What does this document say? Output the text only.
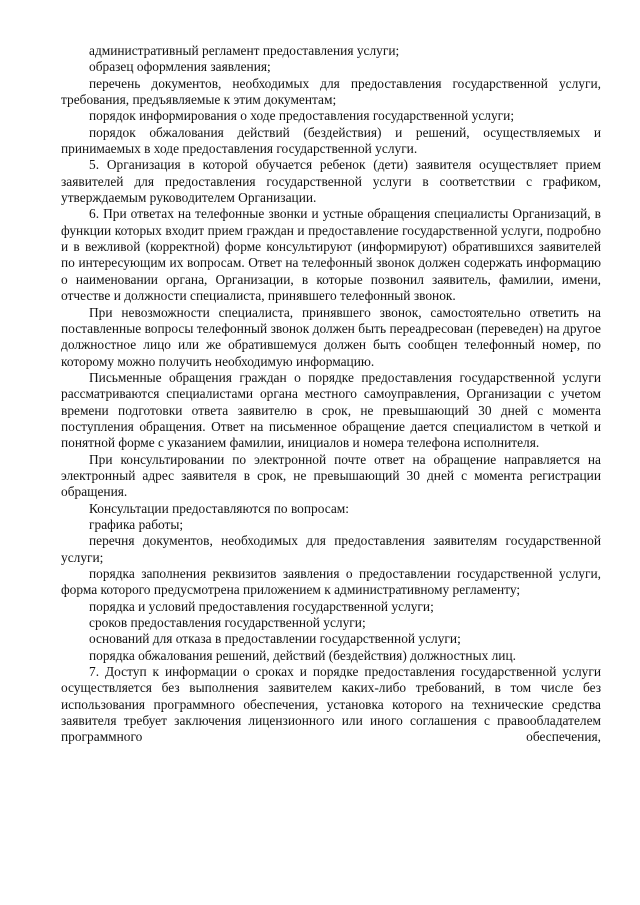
административный регламент предоставления услуги;

образец оформления заявления;

перечень документов, необходимых для предоставления государственной услуги, требования, предъявляемые к этим документам;

порядок информирования о ходе предоставления государственной услуги;

порядок обжалования действий (бездействия) и решений, осуществляемых и принимаемых в ходе предоставления государственной услуги.

5. Организация в которой обучается ребенок (дети) заявителя осуществляет прием заявителей для предоставления государственной услуги в соответствии с графиком, утверждаемым руководителем Организации.

6. При ответах на телефонные звонки и устные обращения специалисты Организаций, в функции которых входит прием граждан и предоставление государственной услуги, подробно и в вежливой (корректной) форме консультируют (информируют) обратившихся заявителей по интересующим их вопросам. Ответ на телефонный звонок должен содержать информацию о наименовании органа, Организации, в которые позвонил заявитель, фамилии, имени, отчестве и должности специалиста, принявшего телефонный звонок.

При невозможности специалиста, принявшего звонок, самостоятельно ответить на поставленные вопросы телефонный звонок должен быть переадресован (переведен) на другое должностное лицо или же обратившемуся должен быть сообщен телефонный номер, по которому можно получить необходимую информацию.

Письменные обращения граждан о порядке предоставления государственной услуги рассматриваются специалистами органа местного самоуправления, Организации с учетом времени подготовки ответа заявителю в срок, не превышающий 30 дней с момента поступления обращения. Ответ на письменное обращение дается специалистом в четкой и понятной форме с указанием фамилии, инициалов и номера телефона исполнителя.

При консультировании по электронной почте ответ на обращение направляется на электронный адрес заявителя в срок, не превышающий 30 дней с момента регистрации обращения.

Консультации предоставляются по вопросам:

графика работы;

перечня документов, необходимых для предоставления заявителям государственной услуги;

порядка заполнения реквизитов заявления о предоставлении государственной услуги, форма которого предусмотрена приложением к административному регламенту;

порядка и условий предоставления государственной услуги;

сроков предоставления государственной услуги;

оснований для отказа в предоставлении государственной услуги;

порядка обжалования решений, действий (бездействия) должностных лиц.

7. Доступ к информации о сроках и порядке предоставления государственной услуги осуществляется без выполнения заявителем каких-либо требований, в том числе без использования программного обеспечения, установка которого на технические средства заявителя требует заключения лицензионного или иного соглашения с правообладателем программного обеспечения,
